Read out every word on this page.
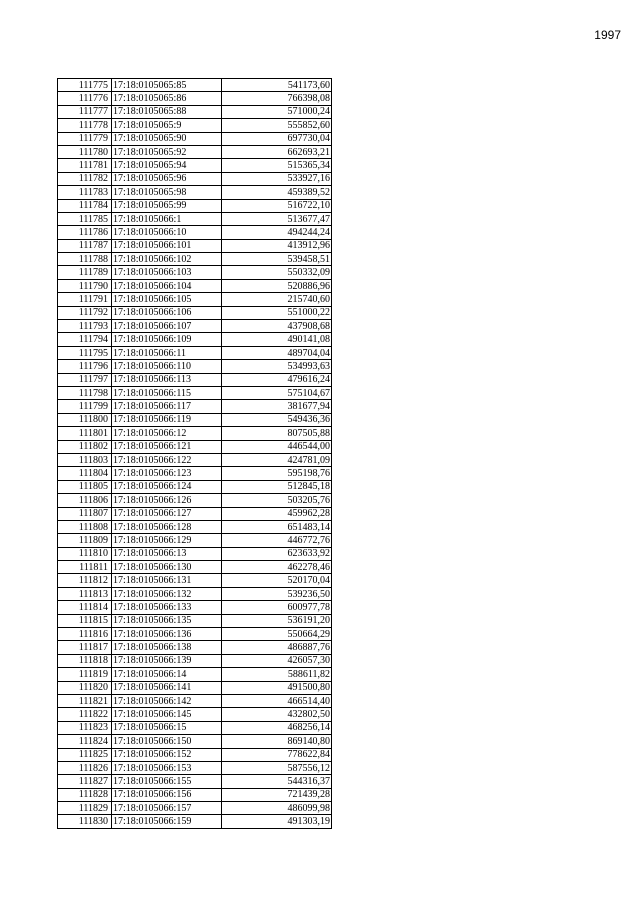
1997
111775	17:18:0105065:85	541173,60
111776	17:18:0105065:86	766398,08
111777	17:18:0105065:88	571000,24
111778	17:18:0105065:9	555852,60
111779	17:18:0105065:90	697730,04
111780	17:18:0105065:92	662693,21
111781	17:18:0105065:94	515365,34
111782	17:18:0105065:96	533927,16
111783	17:18:0105065:98	459389,52
111784	17:18:0105065:99	516722,10
111785	17:18:0105066:1	513677,47
111786	17:18:0105066:10	494244,24
111787	17:18:0105066:101	413912,96
111788	17:18:0105066:102	539458,51
111789	17:18:0105066:103	550332,09
111790	17:18:0105066:104	520886,96
111791	17:18:0105066:105	215740,60
111792	17:18:0105066:106	551000,22
111793	17:18:0105066:107	437908,68
111794	17:18:0105066:109	490141,08
111795	17:18:0105066:11	489704,04
111796	17:18:0105066:110	534993,63
111797	17:18:0105066:113	479616,24
111798	17:18:0105066:115	575104,67
111799	17:18:0105066:117	381677,94
111800	17:18:0105066:119	549436,36
111801	17:18:0105066:12	807505,88
111802	17:18:0105066:121	446544,00
111803	17:18:0105066:122	424781,09
111804	17:18:0105066:123	595198,76
111805	17:18:0105066:124	512845,18
111806	17:18:0105066:126	503205,76
111807	17:18:0105066:127	459962,28
111808	17:18:0105066:128	651483,14
111809	17:18:0105066:129	446772,76
111810	17:18:0105066:13	623633,92
111811	17:18:0105066:130	462278,46
111812	17:18:0105066:131	520170,04
111813	17:18:0105066:132	539236,50
111814	17:18:0105066:133	600977,78
111815	17:18:0105066:135	536191,20
111816	17:18:0105066:136	550664,29
111817	17:18:0105066:138	486887,76
111818	17:18:0105066:139	426057,30
111819	17:18:0105066:14	588611,82
111820	17:18:0105066:141	491500,80
111821	17:18:0105066:142	466514,40
111822	17:18:0105066:145	432802,50
111823	17:18:0105066:15	468256,14
111824	17:18:0105066:150	869140,80
111825	17:18:0105066:152	778622,84
111826	17:18:0105066:153	587556,12
111827	17:18:0105066:155	544316,37
111828	17:18:0105066:156	721439,28
111829	17:18:0105066:157	486099,98
111830	17:18:0105066:159	491303,19
